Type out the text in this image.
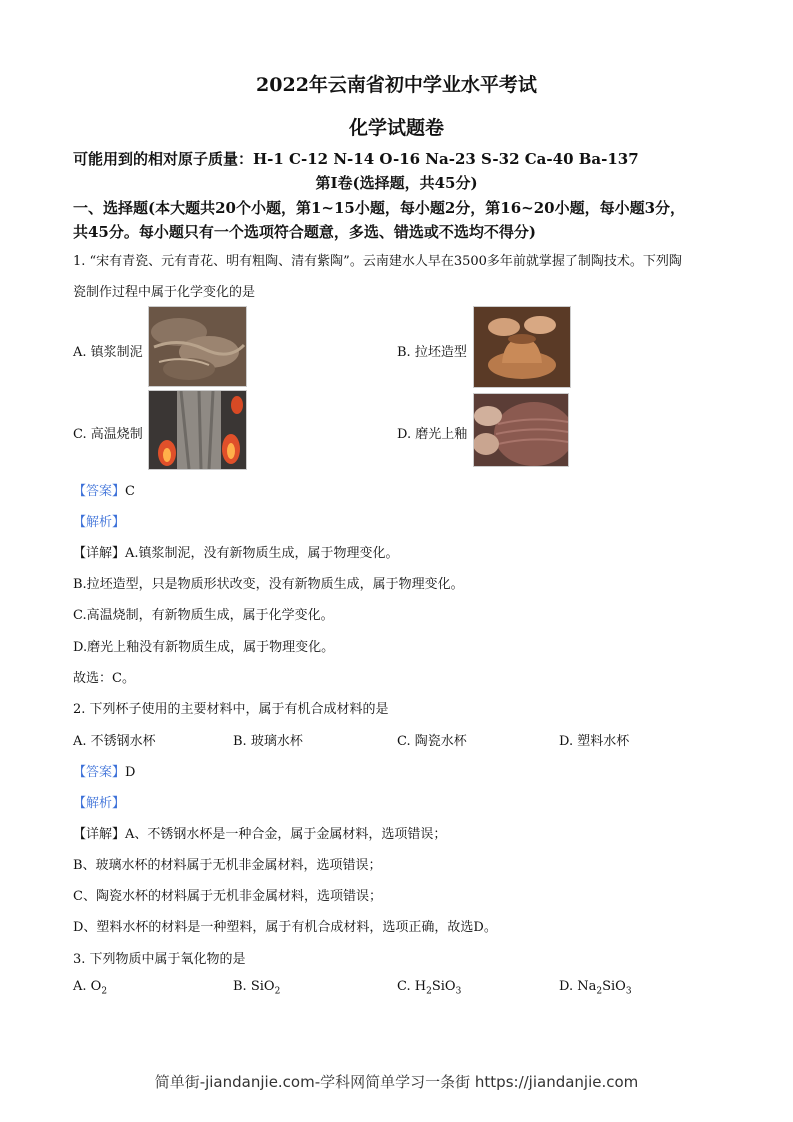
2022年云南省初中学业水平考试
化学试题卷
可能用到的相对原子质量：H-1 C-12 N-14 O-16 Na-23 S-32 Ca-40 Ba-137
第Ⅰ卷(选择题，共45分)
一、选择题(本大题共20个小题，第1~15小题，每小题2分，第16~20小题，每小题3分，
共45分。每小题只有一个选项符合题意，多选、错选或不选均不得分)
1. “宋有青瓷、元有青花、明有粗陶、清有紫陶”。云南建水人早在3500多年前就掌握了制陶技术。下列陶
瓷制作过程中属于化学变化的是
A. 镇浆制泥	B. 拉坯造型
C. 高温烧制	D. 磨光上釉
【答案】C
【解析】
【详解】A.镇浆制泥，没有新物质生成，属于物理变化。
B.拉坯造型，只是物质形状改变，没有新物质生成，属于物理变化。
C.高温烧制，有新物质生成，属于化学变化。
D.磨光上釉没有新物质生成，属于物理变化。
故选：C。
2. 下列杯子使用的主要材料中，属于有机合成材料的是
A. 不锈钢水杯	B. 玻璃水杯	C. 陶瓷水杯	D. 塑料水杯
【答案】D
【解析】
【详解】A、不锈钢水杯是一种合金，属于金属材料，选项错误；
B、玻璃水杯的材料属于无机非金属材料，选项错误；
C、陶瓷水杯的材料属于无机非金属材料，选项错误；
D、塑料水杯的材料是一种塑料，属于有机合成材料，选项正确，故选D。
3. 下列物质中属于氧化物的是
A. $O_2$	B. SiO$_2$	C. $H_2SiO_3$	D. $Na_2SiO_3$
简单街-jiandanjie.com-学科网简单学习一条街 https://jiandanjie.com
